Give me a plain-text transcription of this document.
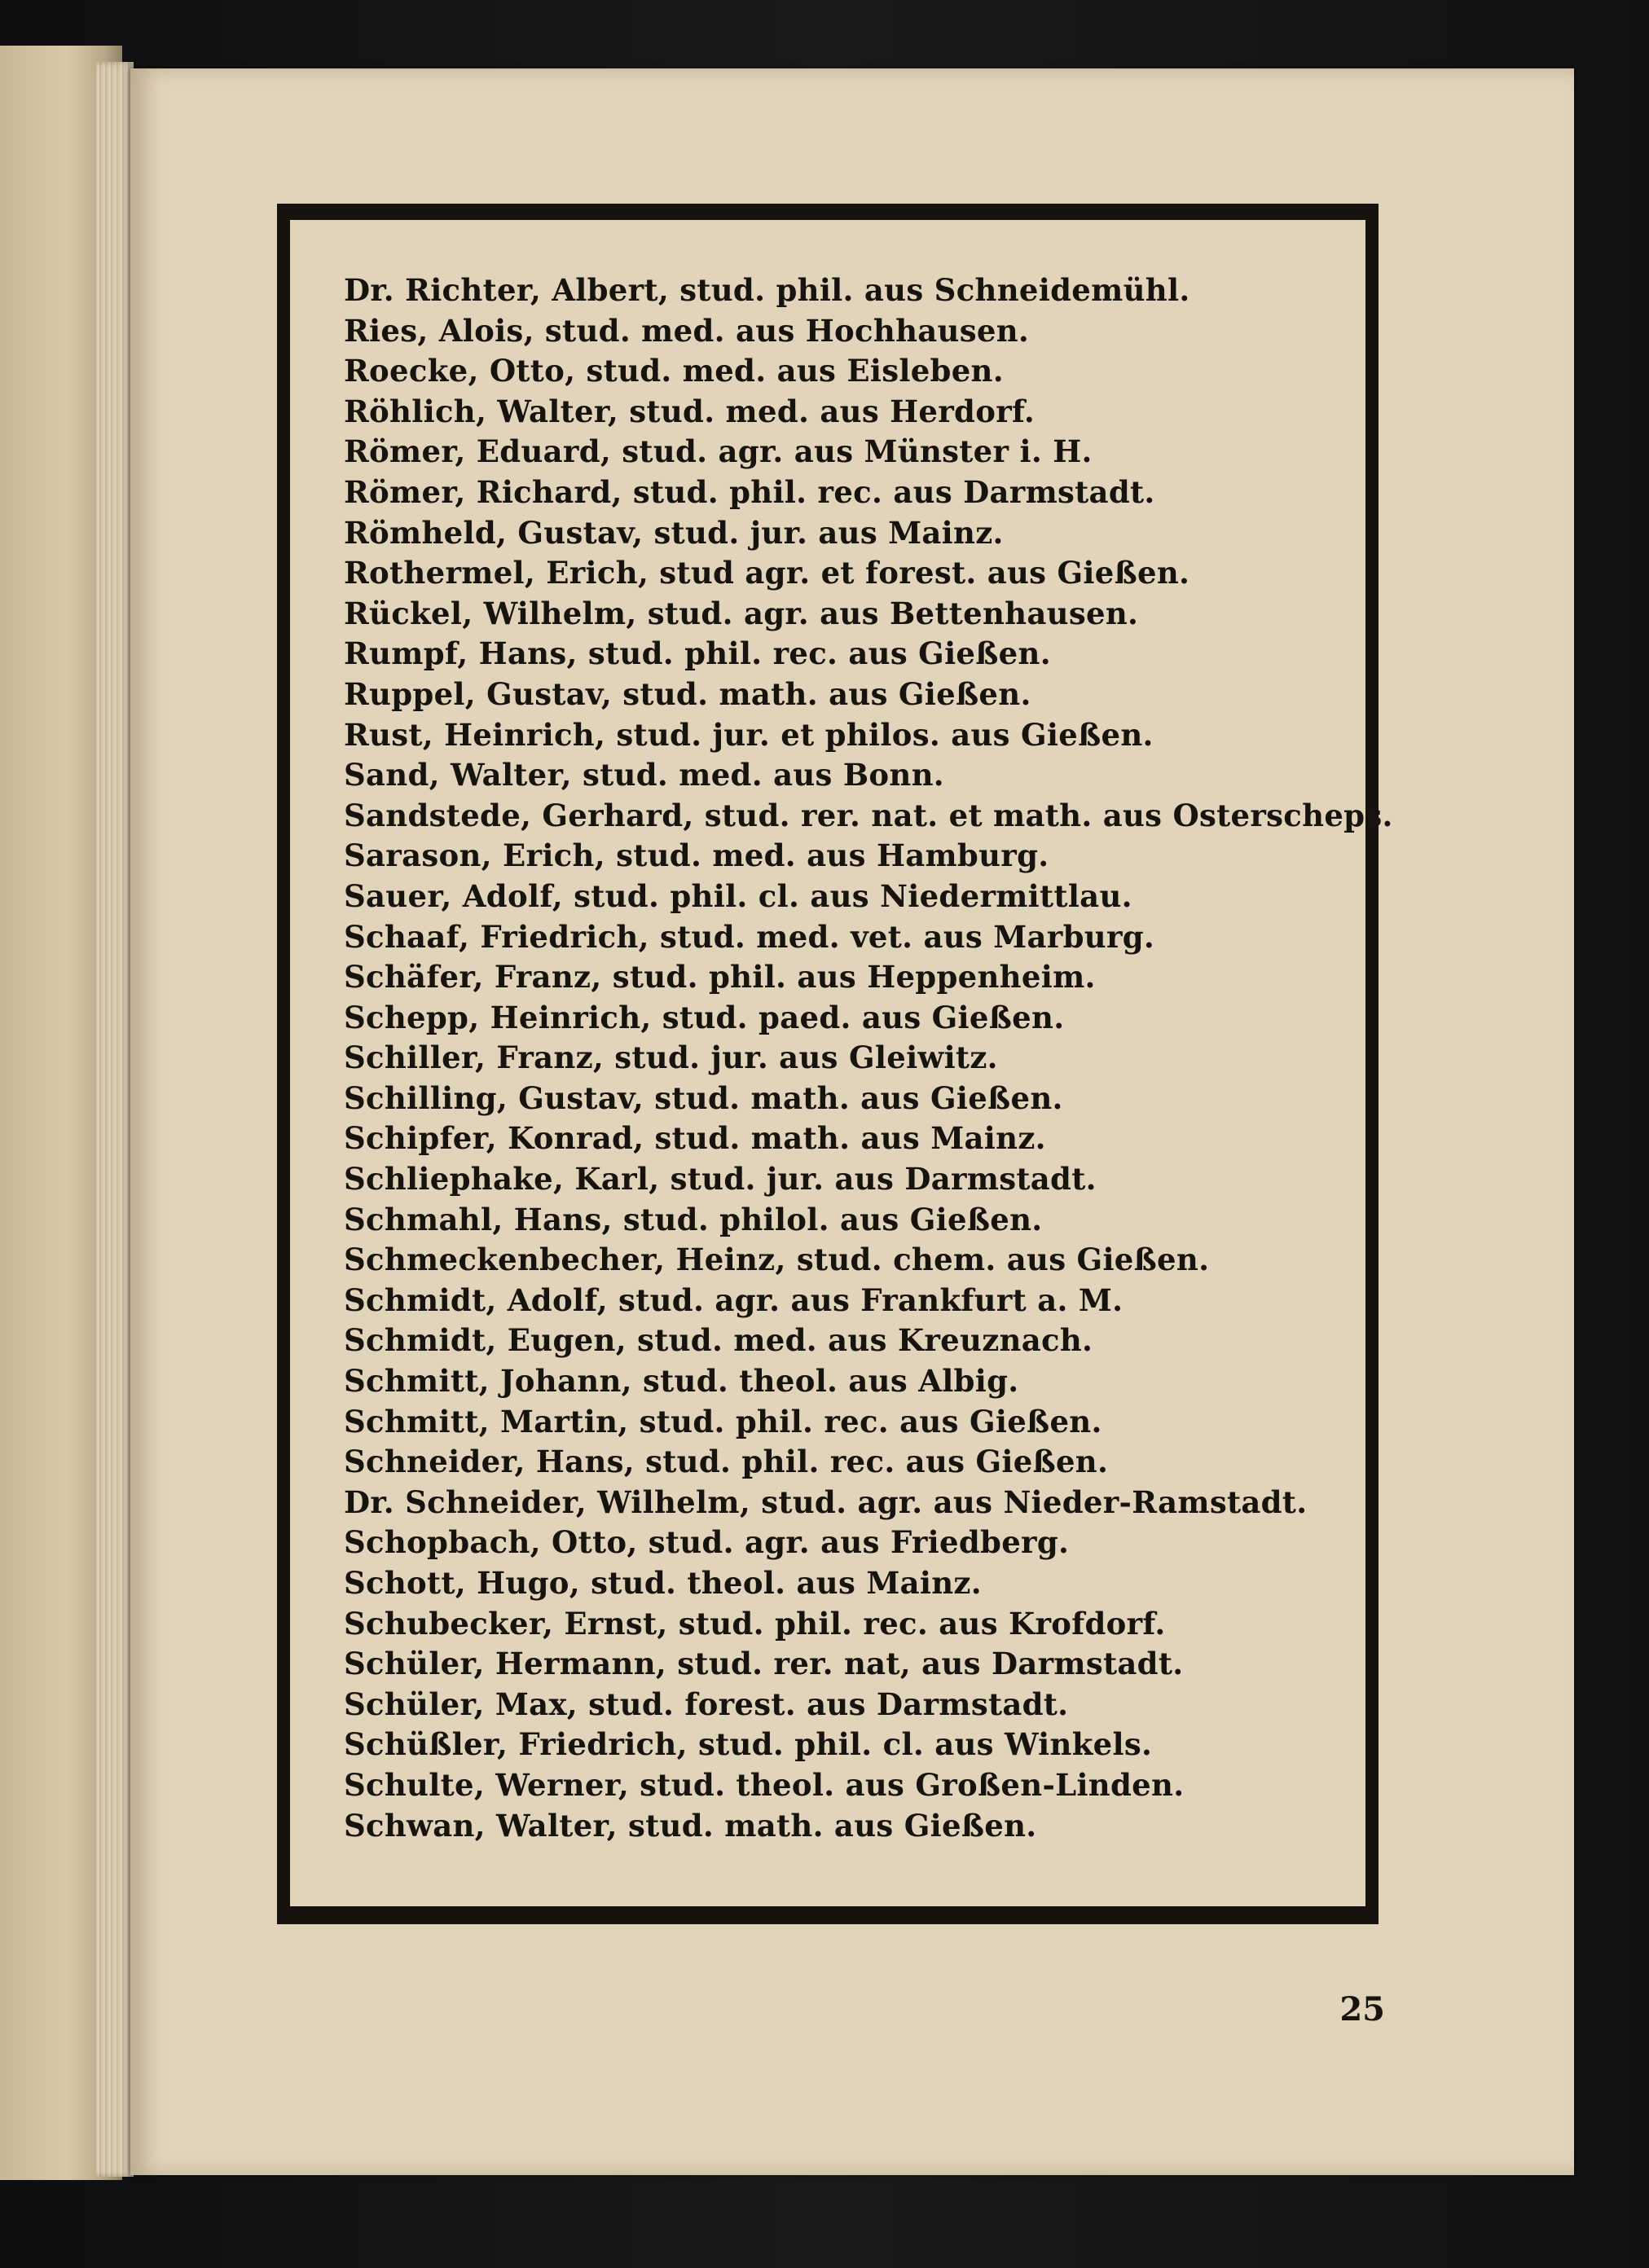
Dr. Richter, Albert, stud. phil. aus Schneidemühl.
Ries, Alois, stud. med. aus Hochhausen.
Roecke, Otto, stud. med. aus Eisleben.
Röhlich, Walter, stud. med. aus Herdorf.
Römer, Eduard, stud. agr. aus Münster i. H.
Römer, Richard, stud. phil. rec. aus Darmstadt.
Römheld, Gustav, stud. jur. aus Mainz.
Rothermel, Erich, stud agr. et forest. aus Gießen.
Rückel, Wilhelm, stud. agr. aus Bettenhausen.
Rumpf, Hans, stud. phil. rec. aus Gießen.
Ruppel, Gustav, stud. math. aus Gießen.
Rust, Heinrich, stud. jur. et philos. aus Gießen.
Sand, Walter, stud. med. aus Bonn.
Sandstede, Gerhard, stud. rer. nat. et math. aus Osterscheps.
Sarason, Erich, stud. med. aus Hamburg.
Sauer, Adolf, stud. phil. cl. aus Niedermittlau.
Schaaf, Friedrich, stud. med. vet. aus Marburg.
Schäfer, Franz, stud. phil. aus Heppenheim.
Schepp, Heinrich, stud. paed. aus Gießen.
Schiller, Franz, stud. jur. aus Gleiwitz.
Schilling, Gustav, stud. math. aus Gießen.
Schipfer, Konrad, stud. math. aus Mainz.
Schliephake, Karl, stud. jur. aus Darmstadt.
Schmahl, Hans, stud. philol. aus Gießen.
Schmeckenbecher, Heinz, stud. chem. aus Gießen.
Schmidt, Adolf, stud. agr. aus Frankfurt a. M.
Schmidt, Eugen, stud. med. aus Kreuznach.
Schmitt, Johann, stud. theol. aus Albig.
Schmitt, Martin, stud. phil. rec. aus Gießen.
Schneider, Hans, stud. phil. rec. aus Gießen.
Dr. Schneider, Wilhelm, stud. agr. aus Nieder-Ramstadt.
Schopbach, Otto, stud. agr. aus Friedberg.
Schott, Hugo, stud. theol. aus Mainz.
Schubecker, Ernst, stud. phil. rec. aus Krofdorf.
Schüler, Hermann, stud. rer. nat, aus Darmstadt.
Schüler, Max, stud. forest. aus Darmstadt.
Schüßler, Friedrich, stud. phil. cl. aus Winkels.
Schulte, Werner, stud. theol. aus Großen-Linden.
Schwan, Walter, stud. math. aus Gießen.
25
